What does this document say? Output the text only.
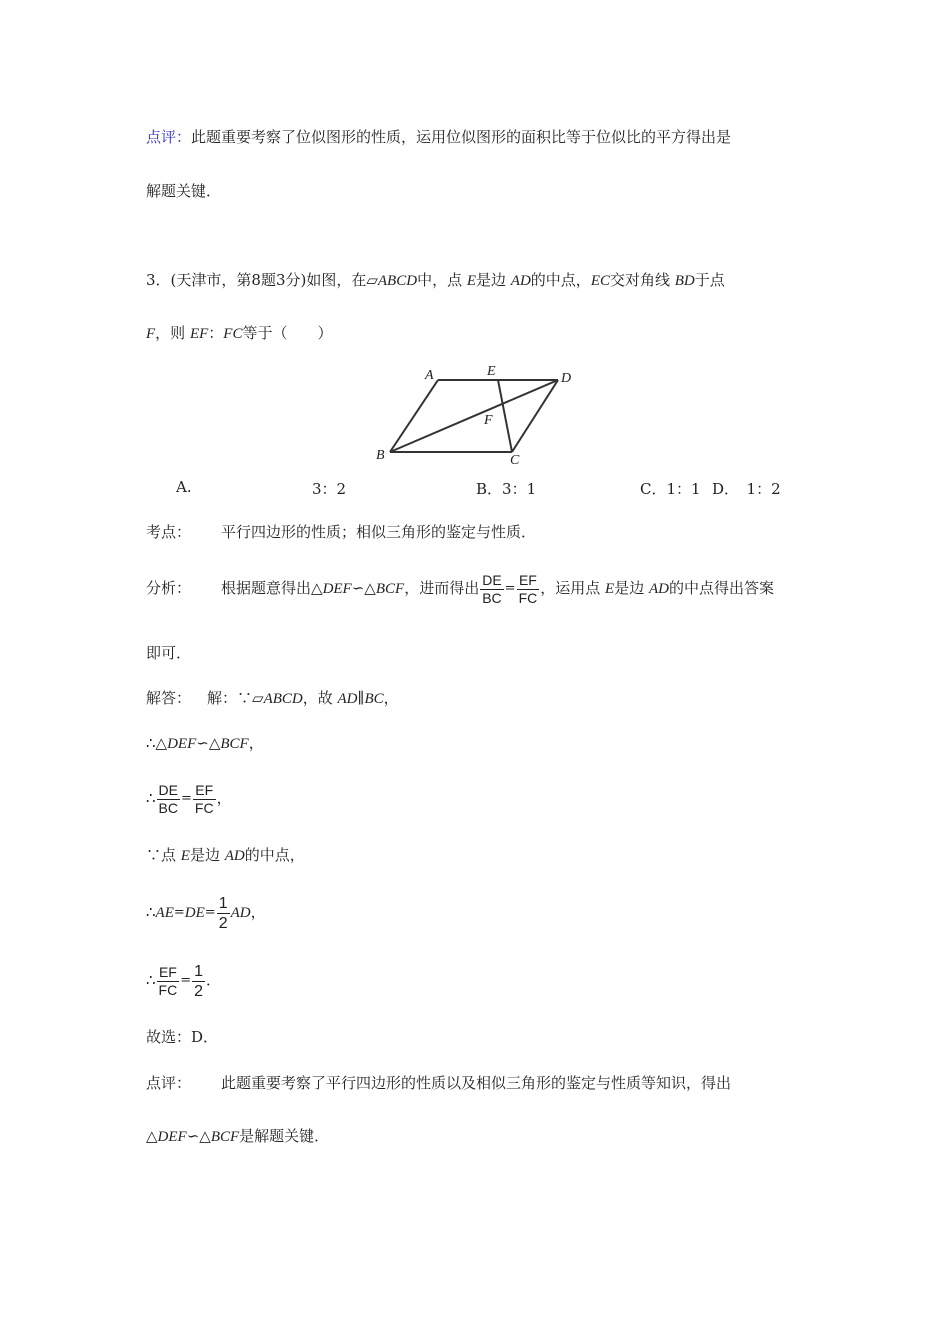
点评：此题重要考察了位似图形的性质，运用位似图形的面积比等于位似比的平方得出是
解题关键．
3．(天津市，第8题3分)如图，在▱ABCD中，点 E是边 AD的中点，EC交对角线 BD于点
F，则 EF：FC等于（　　）
A	E	D
F
B	C
A.	3：2	B．3：1	C．1：1 D．　1：2
考点： 平行四边形的性质；相似三角形的鉴定与性质．
分析： 根据题意得出△DEF∽△BCF，进而得出 $\frac{DE}{BC} = \frac{EF}{FC}$ ，运用点 E是边 AD的中点得出答案
即可．
解答： 解：∵▱ABCD，故 AD∥BC，
∴△DEF∽△BCF，
∴ $\frac{DE}{BC} = \frac{EF}{FC}$ ，
∵点 E是边 AD的中点，
∴AE=DE= $\frac{1}{2}$ AD，
∴ $\frac{EF}{FC} = \frac{1}{2}$ ．
故选：D．
点评： 此题重要考察了平行四边形的性质以及相似三角形的鉴定与性质等知识，得出
△DEF∽△BCF是解题关键．
